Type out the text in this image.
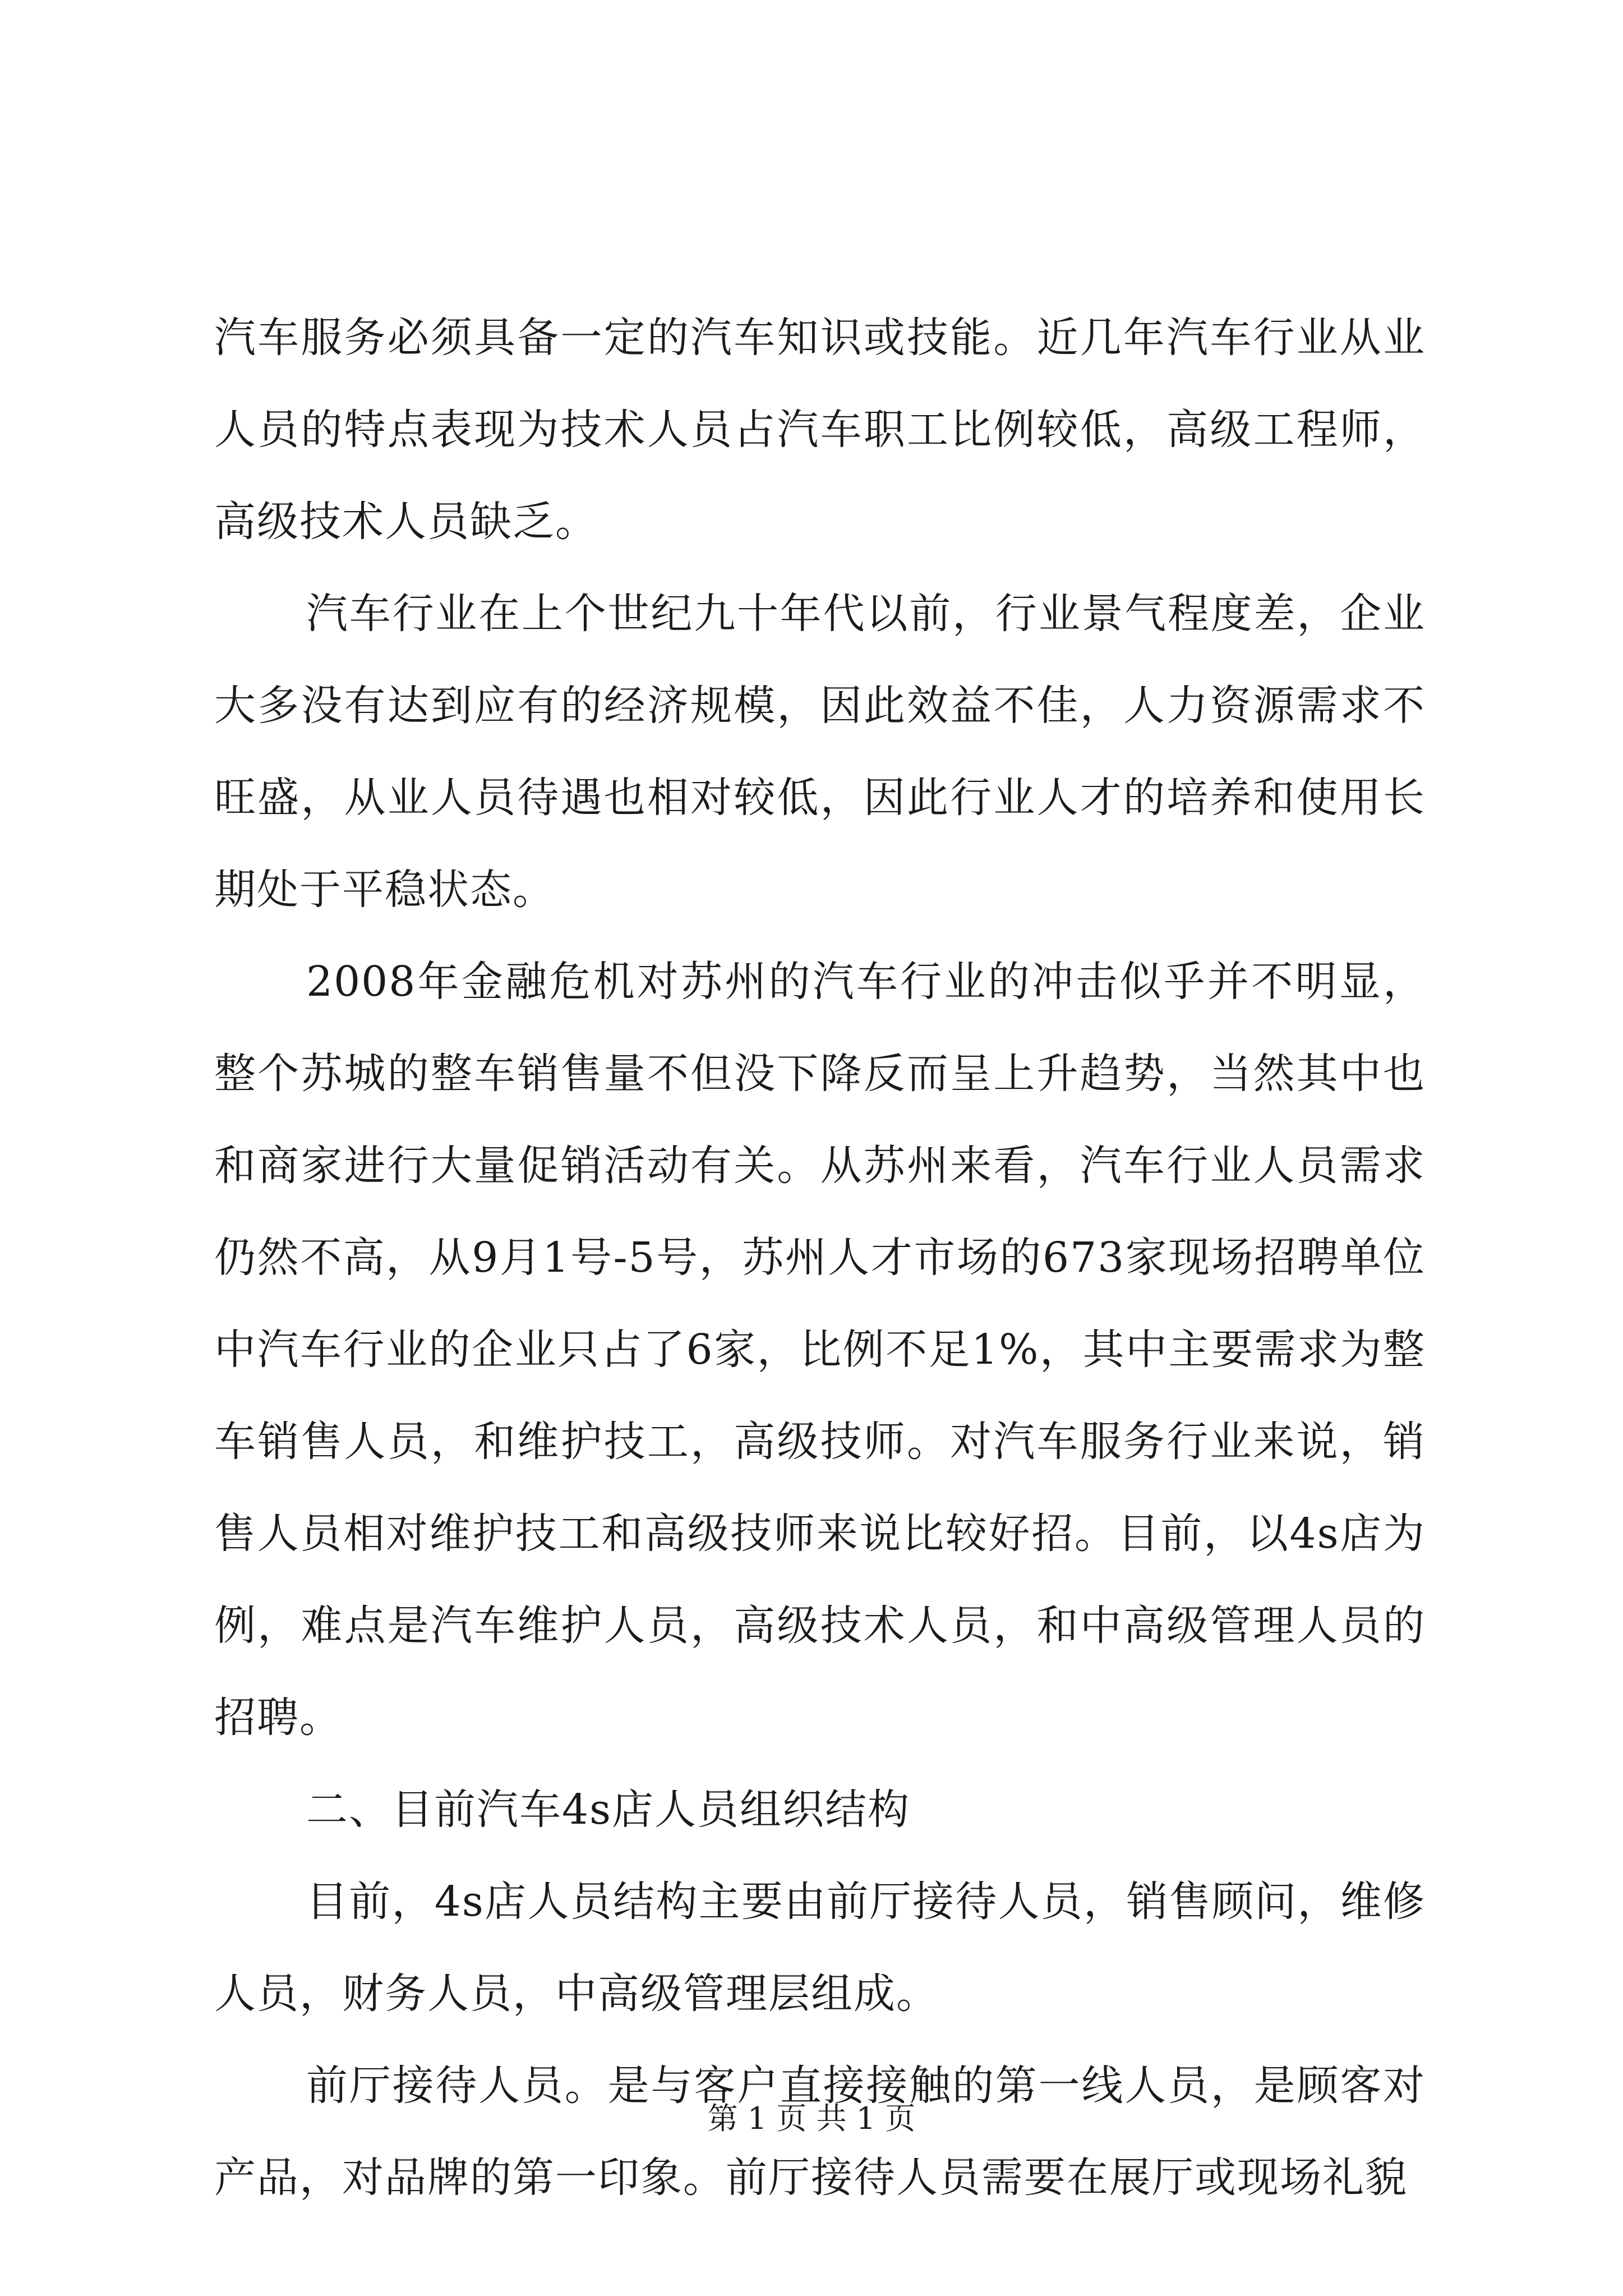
汽车服务必须具备一定的汽车知识或技能。近几年汽车行业从业人员的特点表现为技术人员占汽车职工比例较低，高级工程师，高级技术人员缺乏。

汽车行业在上个世纪九十年代以前，行业景气程度差，企业大多没有达到应有的经济规模，因此效益不佳，人力资源需求不旺盛，从业人员待遇也相对较低，因此行业人才的培养和使用长期处于平稳状态。

2008年金融危机对苏州的汽车行业的冲击似乎并不明显，整个苏城的整车销售量不但没下降反而呈上升趋势，当然其中也和商家进行大量促销活动有关。从苏州来看，汽车行业人员需求仍然不高，从9月1号-5号，苏州人才市场的673家现场招聘单位中汽车行业的企业只占了6家，比例不足1%，其中主要需求为整车销售人员，和维护技工，高级技师。对汽车服务行业来说，销售人员相对维护技工和高级技师来说比较好招。目前，以4s店为例，难点是汽车维护人员，高级技术人员，和中高级管理人员的招聘。

二、目前汽车4s店人员组织结构

目前，4s店人员结构主要由前厅接待人员，销售顾问，维修人员，财务人员，中高级管理层组成。

前厅接待人员。是与客户直接接触的第一线人员，是顾客对产品，对品牌的第一印象。前厅接待人员需要在展厅或现场礼貌

第 1 页 共 1 页
